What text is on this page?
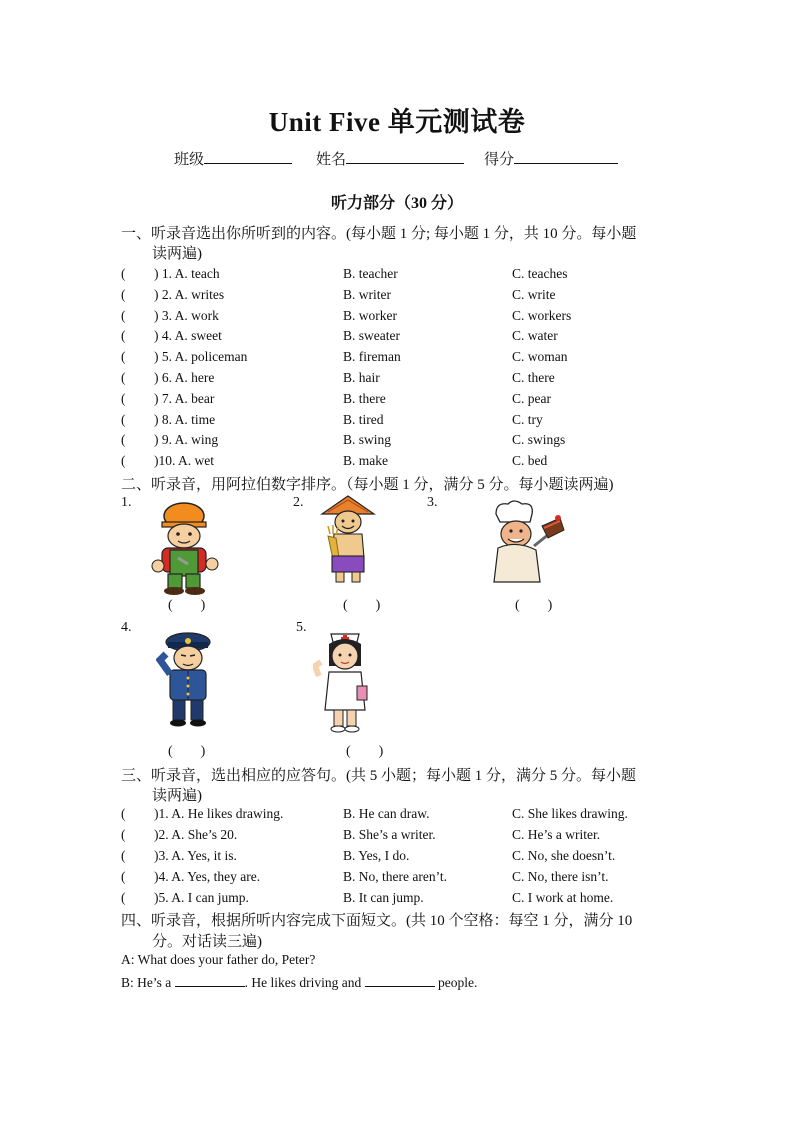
Unit Five 单元测试卷
班级	姓名	得分
听力部分（30 分）
一、听录音选出你所听到的内容。(每小题 1 分; 每小题 1 分，共 10 分。每小题
读两遍)
( ) 1. A. teach	B. teacher	C. teaches
( ) 2. A. writes	B. writer	C. write
( ) 3. A. work	B. worker	C. workers
( ) 4. A. sweet	B. sweater	C. water
( ) 5. A. policeman	B. fireman	C. woman
( ) 6. A. here	B. hair	C. there
( ) 7. A. bear	B. there	C. pear
( ) 8. A. time	B. tired	C. try
( ) 9. A. wing	B. swing	C. swings
( )10. A. wet	B. make	C. bed
二、听录音，用阿拉伯数字排序。（每小题 1 分，满分 5 分。每小题读两遍)
1.	2.	3.
4.	5.
(        )	(        )	(        )
(        )	(        )
三、听录音，选出相应的应答句。(共 5 小题；每小题 1 分，满分 5 分。每小题
读两遍)
( )1. A. He likes drawing.	B. He can draw.	C. She likes drawing.
( )2. A. She’s 20.	B. She’s a writer.	C. He’s a writer.
( )3. A. Yes, it is.	B. Yes, I do.	C. No, she doesn’t.
( )4. A. Yes, they are.	B. No, there aren’t.	C. No, there isn’t.
( )5. A. I can jump.	B. It can jump.	C. I work at home.
四、听录音，根据所听内容完成下面短文。(共 10 个空格：每空 1 分，满分 10
分。对话读三遍)
A: What does your father do, Peter?
B: He’s a	. He likes driving and	people.
